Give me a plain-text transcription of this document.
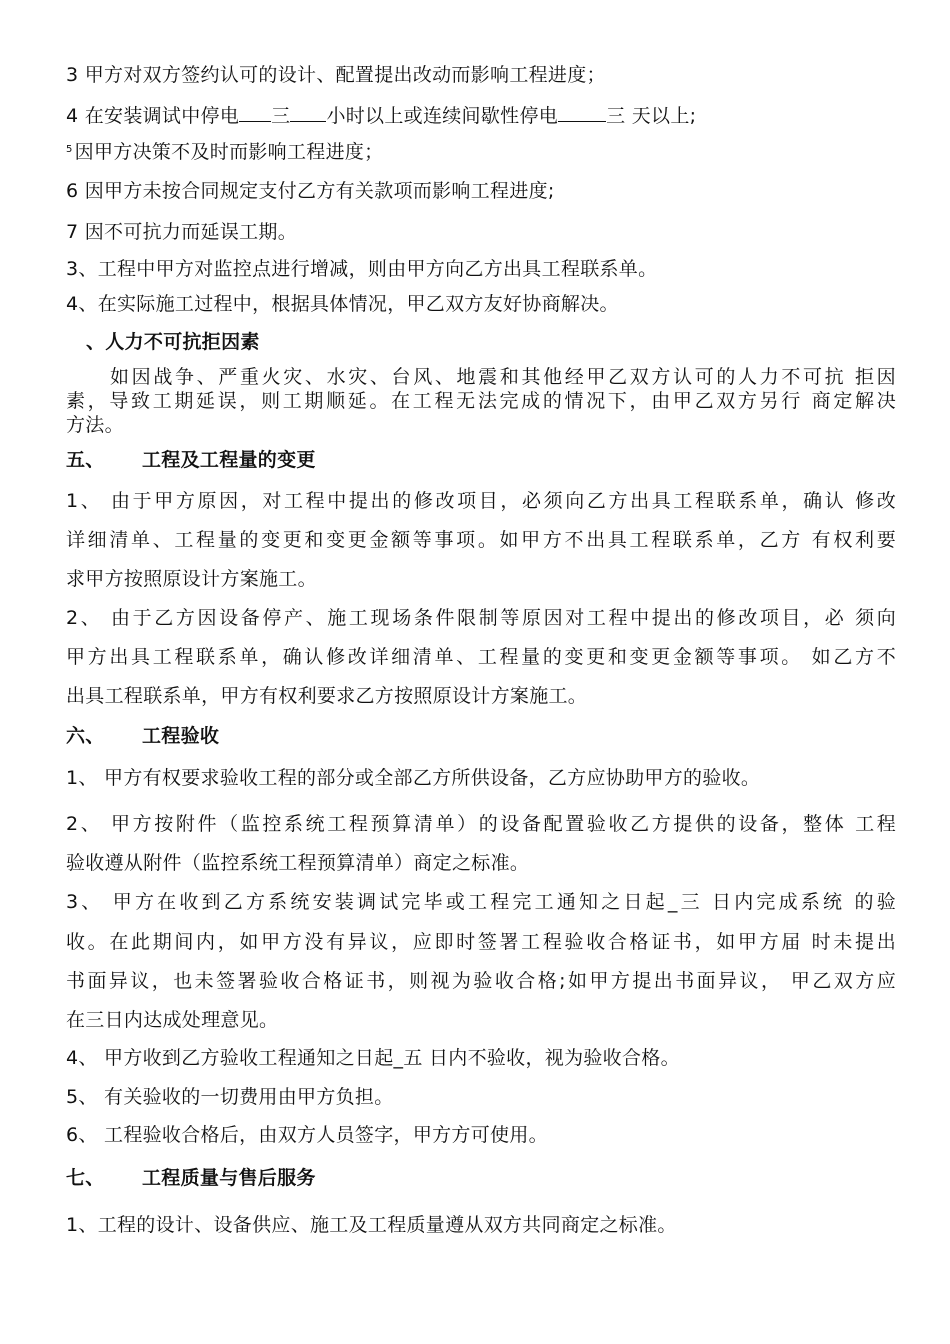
3 甲方对双方签约认可的设计、配置提出改动而影响工程进度；
4 在安装调试中停电 三 小时以上或连续间歇性停电	三 天以上;
$^5$ 因甲方决策不及时而影响工程进度；
6 因甲方未按合同规定支付乙方有关款项而影响工程进度;
7 因不可抗力而延误工期。
3、工程中甲方对监控点进行增减，则由甲方向乙方出具工程联系单。
4、在实际施工过程中，根据具体情况，甲乙双方友好协商解决。
、人力不可抗拒因素
如因战争、严重火灾、水灾、台风、地震和其他经甲乙双方认可的人力不可抗 拒因
素，导致工期延误，则工期顺延。在工程无法完成的情况下，由甲乙双方另行 商定解决
方法。
五、 工程及工程量的变更
1、 由于甲方原因，对工程中提出的修改项目，必须向乙方出具工程联系单，确认 修改
详细清单、工程量的变更和变更金额等事项。如甲方不出具工程联系单，乙方 有权利要
求甲方按照原设计方案施工。
2、 由于乙方因设备停产、施工现场条件限制等原因对工程中提出的修改项目，必 须向
甲方出具工程联系单，确认修改详细清单、工程量的变更和变更金额等事项。 如乙方不
出具工程联系单，甲方有权利要求乙方按照原设计方案施工。
六、 工程验收
1、 甲方有权要求验收工程的部分或全部乙方所供设备，乙方应协助甲方的验收。
2、 甲方按附件（监控系统工程预算清单）的设备配置验收乙方提供的设备，整体 工程
验收遵从附件（监控系统工程预算清单）商定之标准。
3、 甲方在收到乙方系统安装调试完毕或工程完工通知之日起_三 日内完成系统 的验
收。在此期间内，如甲方没有异议，应即时签署工程验收合格证书，如甲方届 时未提出
书面异议，也未签署验收合格证书，则视为验收合格;如甲方提出书面异议， 甲乙双方应
在三日内达成处理意见。
4、 甲方收到乙方验收工程通知之日起_五 日内不验收，视为验收合格。
5、 有关验收的一切费用由甲方负担。
6、 工程验收合格后，由双方人员签字，甲方方可使用。
七、 工程质量与售后服务
1、工程的设计、设备供应、施工及工程质量遵从双方共同商定之标准。
